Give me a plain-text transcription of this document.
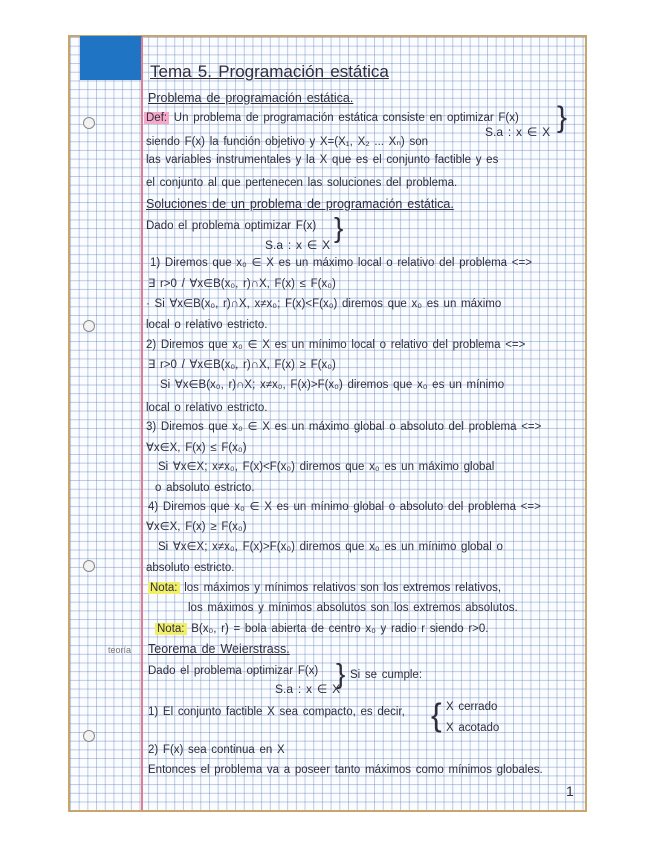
Tema 5. Programación estática
Problema de programación estática.
Def: Un problema de programación estática consiste en optimizar F(x)
S.a : x ∈ X }
siendo F(x) la función objetivo y X=(X₁, X₂ ... Xₙ) son
las variables instrumentales y la X que es el conjunto factible y es
el conjunto al que pertenecen las soluciones del problema.
Soluciones de un problema de programación estática.
Dado el problema optimizar F(x) }
S.a : x ∈ X
1) Diremos que x₀ ∈ X es un máximo local o relativo del problema <=>
∃ r>0 / ∀x∈B(x₀, r)∩X, F(x) ≤ F(x₀)
· Si ∀x∈B(x₀, r)∩X, x≠x₀; F(x)<F(x₀) diremos que x₀ es un máximo
local o relativo estricto.
2) Diremos que x₀ ∈ X es un mínimo local o relativo del problema <=>
∃ r>0 / ∀x∈B(x₀, r)∩X, F(x) ≥ F(x₀)
Si ∀x∈B(x₀, r)∩X; x≠x₀, F(x)>F(x₀) diremos que x₀ es un mínimo
local o relativo estricto.
3) Diremos que x₀ ∈ X es un máximo global o absoluto del problema <=>
∀x∈X, F(x) ≤ F(x₀)
Si ∀x∈X; x≠x₀, F(x)<F(x₀) diremos que x₀ es un máximo global
o absoluto estricto.
4) Diremos que x₀ ∈ X es un mínimo global o absoluto del problema <=>
∀x∈X, F(x) ≥ F(x₀)
Si ∀x∈X; x≠x₀, F(x)>F(x₀) diremos que x₀ es un mínimo global o
absoluto estricto.
Nota: los máximos y mínimos relativos son los extremos relativos,
los máximos y mínimos absolutos son los extremos absolutos.
Nota: B(x₀, r) = bola abierta de centro x₀ y radio r siendo r>0.
teoría Teorema de Weierstrass.
Dado el problema optimizar F(x) } Si se cumple:
S.a : x ∈ X
1) El conjunto factible X sea compacto, es decir, { X cerrado
X acotado
2) F(x) sea continua en X
Entonces el problema va a poseer tanto máximos como mínimos globales.
1
